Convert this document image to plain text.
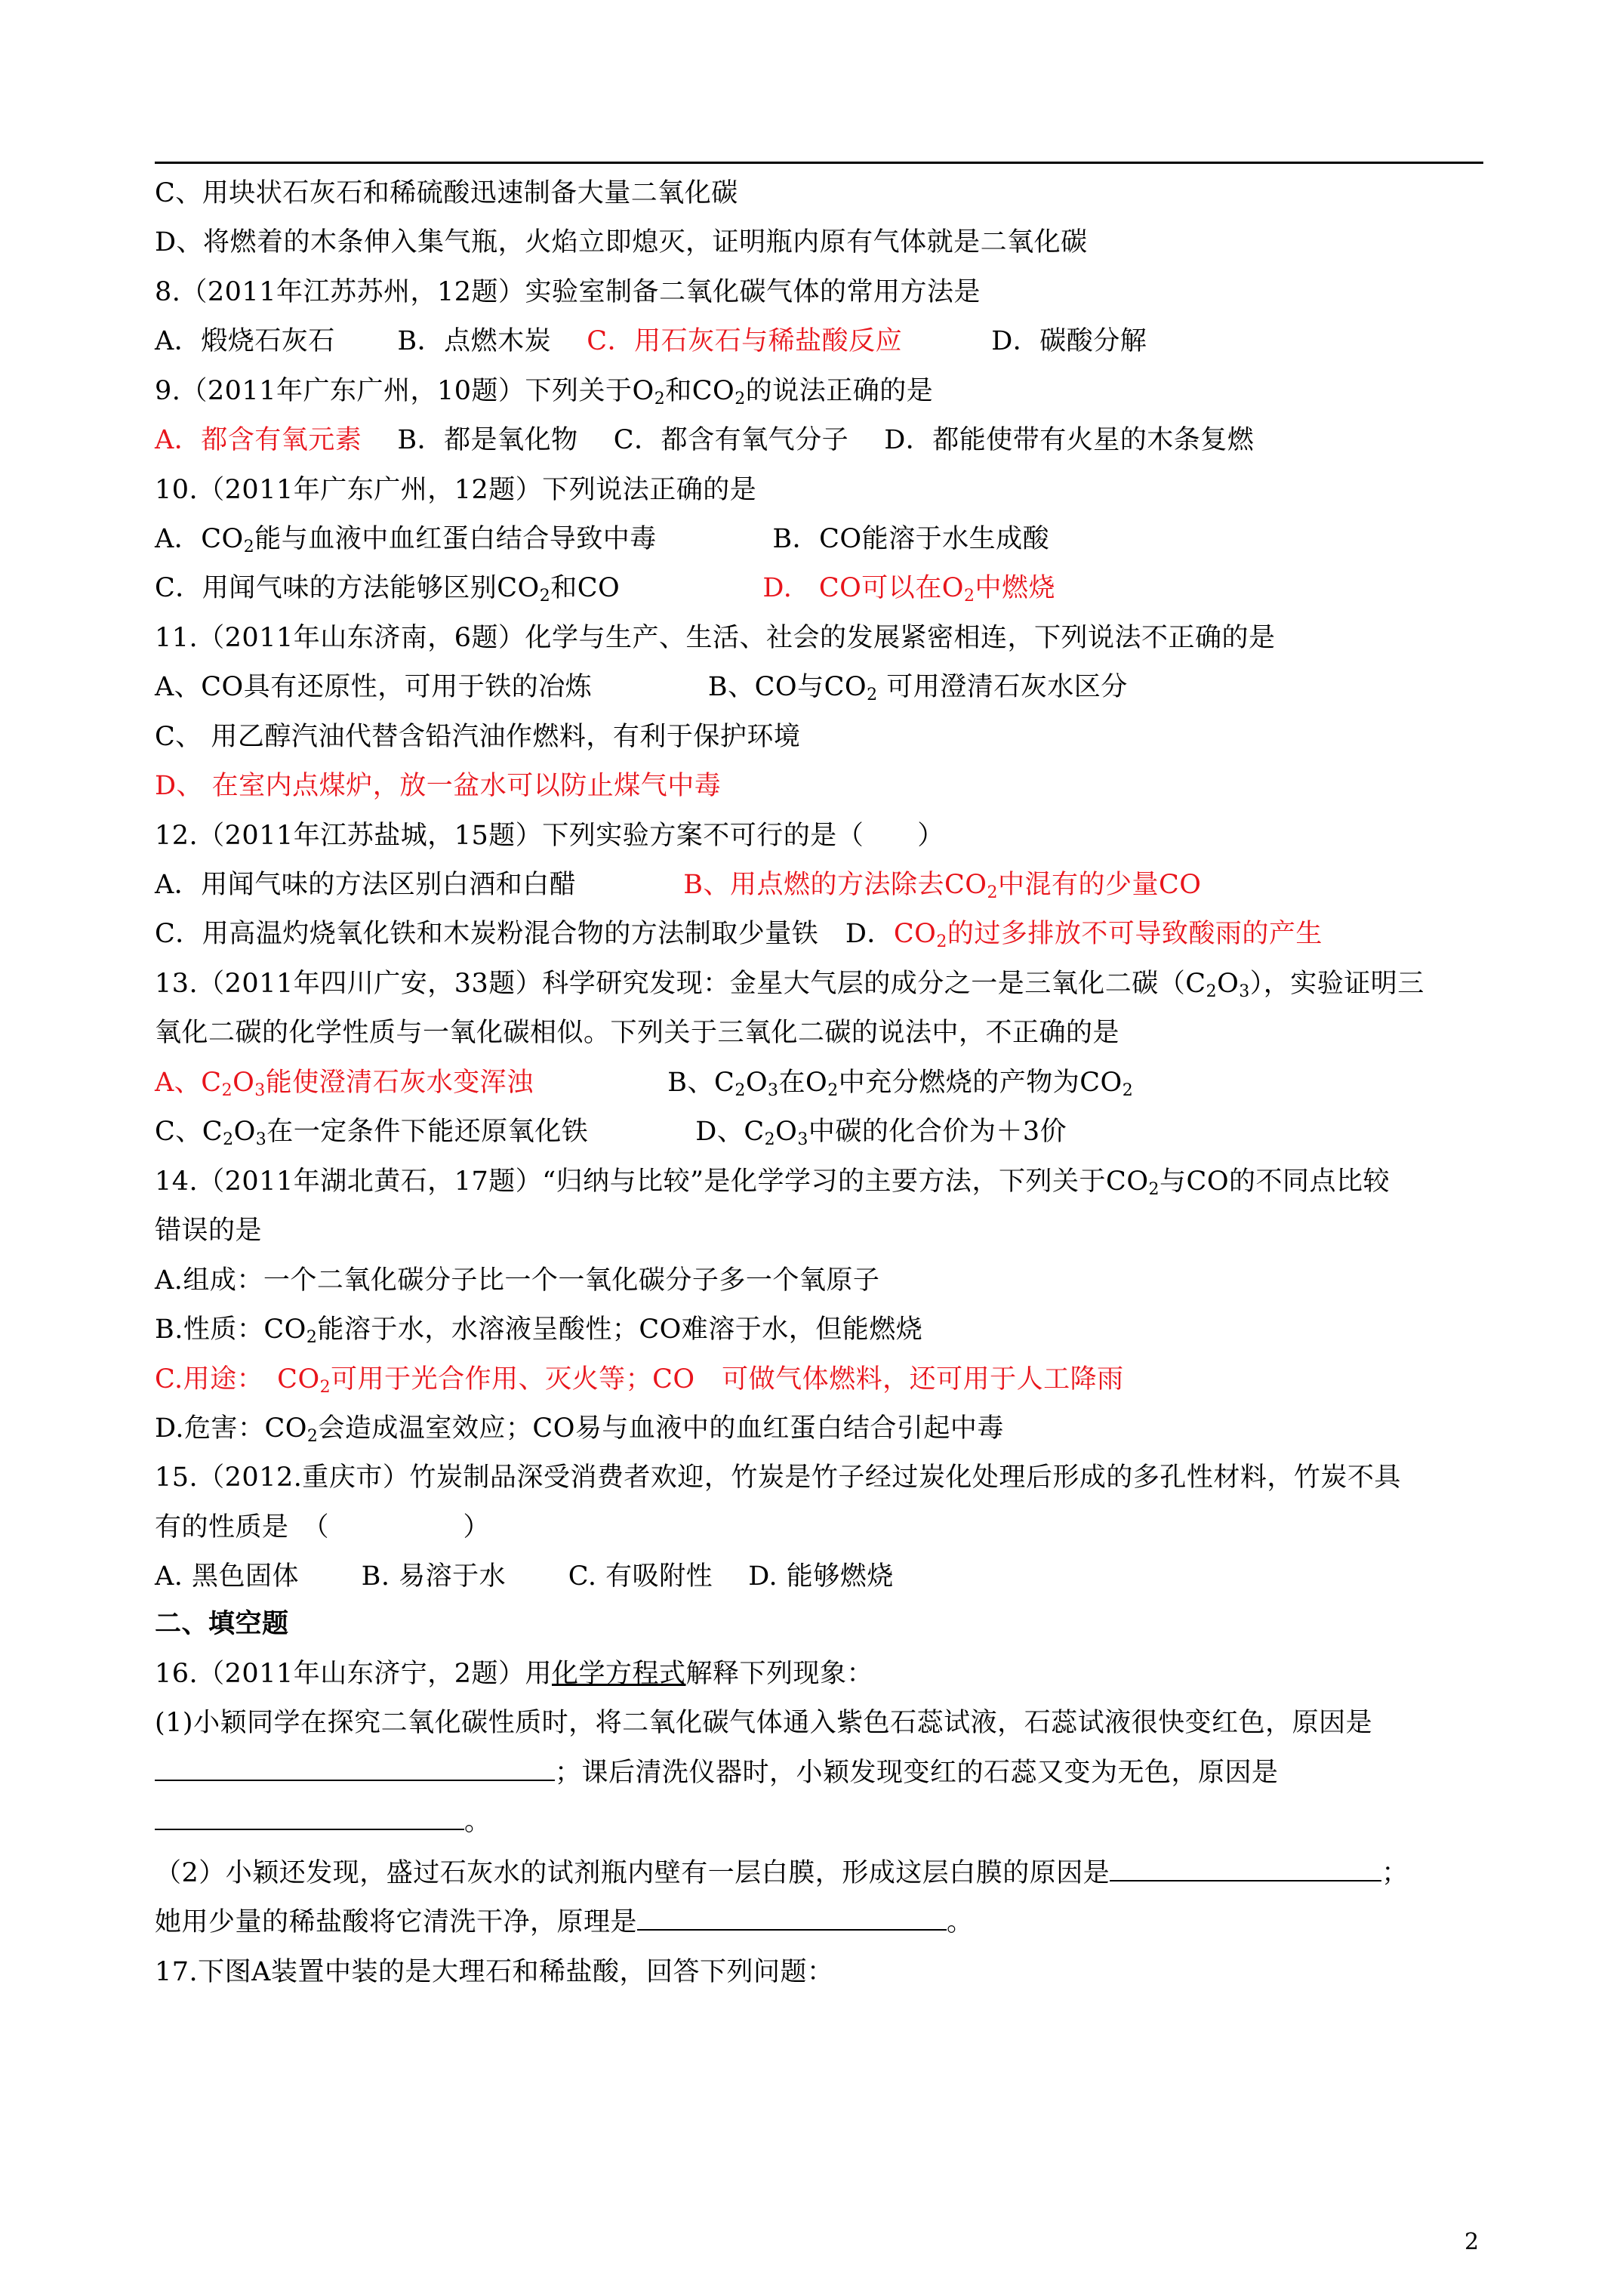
C、用块状石灰石和稀硫酸迅速制备大量二氧化碳
D、将燃着的木条伸入集气瓶，火焰立即熄灭，证明瓶内原有气体就是二氧化碳
8.（2011年江苏苏州，12题）实验室制备二氧化碳气体的常用方法是
A．煅烧石灰石　　 B．点燃木炭　 C．用石灰石与稀盐酸反应　　　	D．碳酸分解
9.（2011年广东广州，10题）下列关于$O_2$和$CO_2$的说法正确的是
A．都含有氧元素　 B．都是氧化物　 C．都含有氧气分子　 D．都能使带有火星的木条复燃
10.（2011年广东广州，12题）下列说法正确的是
A．$CO_2$能与血液中血红蛋白结合导致中毒　　　　	B．CO能溶于水生成酸
C．用闻气味的方法能够区别$CO_2$和CO　　　　　	D.　CO可以在$O_2$中燃烧
11.（2011年山东济南，6题）化学与生产、生活、社会的发展紧密相连，下列说法不正确的是
A、CO具有还原性，可用于铁的冶炼　　　　	B、CO与$CO_2$ 可用澄清石灰水区分
C、 用乙醇汽油代替含铅汽油作燃料，有利于保护环境
D、 在室内点煤炉，放一盆水可以防止煤气中毒
12.（2011年江苏盐城，15题）下列实验方案不可行的是（　　）
A．用闻气味的方法区别白酒和白醋　　　　	B、用点燃的方法除去$CO_2$中混有的少量CO
C．用高温灼烧氧化铁和木炭粉混合物的方法制取少量铁　 D．$CO_2$的过多排放不可导致酸雨的产生
13.（2011年四川广安，33题）科学研究发现：金星大气层的成分之一是三氧化二碳$(C_2O_3)$，实验证明三
氧化二碳的化学性质与一氧化碳相似。下列关于三氧化二碳的说法中，不正确的是
A、$C_2O_3$能使澄清石灰水变浑浊　　　　　	B、$C_2O_3$在$O_2$中充分燃烧的产物为$CO_2$
C、$C_2O_3$在一定条件下能还原氧化铁　　　　	D、$C_2O_3$中碳的化合价为＋3价
14.（2011年湖北黄石，17题）“归纳与比较”是化学学习的主要方法，下列关于$CO_2$与CO的不同点比较
错误的是
A.组成：一个二氧化碳分子比一个一氧化碳分子多一个氧原子
B.性质：$CO_2$能溶于水，水溶液呈酸性；CO难溶于水，但能燃烧
C.用途：　$CO_2$可用于光合作用、灭火等；CO　可做气体燃料，还可用于人工降雨
D.危害：$CO_2$会造成温室效应；CO易与血液中的血红蛋白结合引起中毒
15.（2012.重庆市）竹炭制品深受消费者欢迎，竹炭是竹子经过炭化处理后形成的多孔性材料，竹炭不具
有的性质是　（　　　　　）
A. 黑色固体　　 B. 易溶于水　　 C. 有吸附性　 D. 能够燃烧
二、填空题
16.（2011年山东济宁，2题）用化学方程式解释下列现象：
(1)小颖同学在探究二氧化碳性质时，将二氧化碳气体通入紫色石蕊试液，石蕊试液很快变红色，原因是
；课后清洗仪器时，小颖发现变红的石蕊又变为无色，原因是
。
（2）小颖还发现，盛过石灰水的试剂瓶内壁有一层白膜，形成这层白膜的原因是	；
她用少量的稀盐酸将它清洗干净，原理是	。
17.下图A装置中装的是大理石和稀盐酸，回答下列问题：
2
